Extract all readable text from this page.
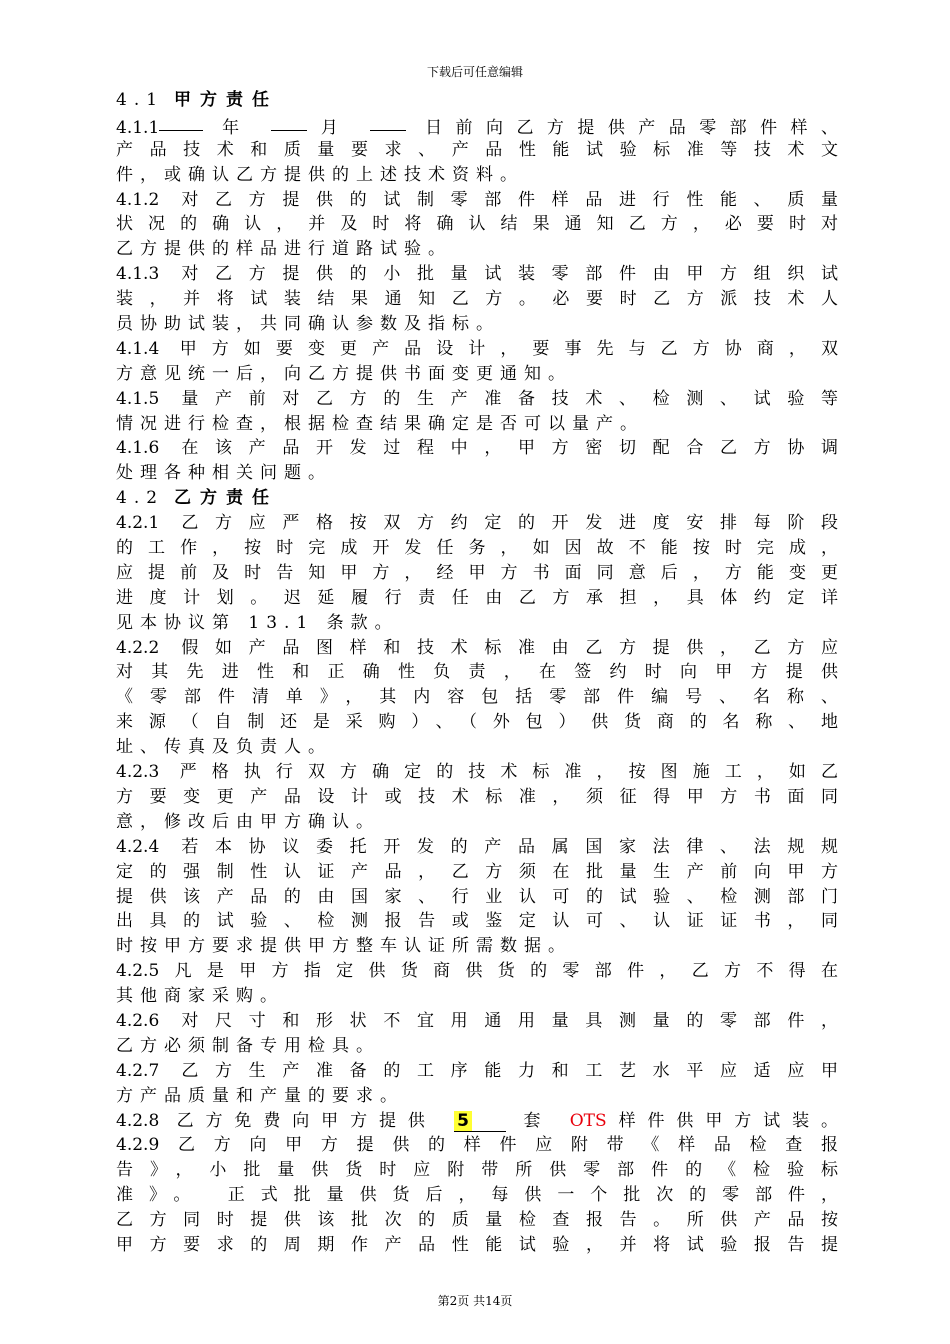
下载后可任意编辑
4.1 甲方责任
4.1.1	年	月	日前向乙方提供产品零部件样、
产品技术和质量要求、产品性能试验标准等技术文
件，或确认乙方提供的上述技术资料。
4.1.2 对乙方提供的试制零部件样品进行性能、质量
状况的确认，并及时将确认结果通知乙方，必要时对
乙方提供的样品进行道路试验。
4.1.3 对乙方提供的小批量试装零部件由甲方组织试
装，并将试装结果通知乙方。必要时乙方派技术人
员协助试装，共同确认参数及指标。
4.1.4 甲方如要变更产品设计，要事先与乙方协商，双
方意见统一后，向乙方提供书面变更通知。
4.1.5 量产前对乙方的生产准备技术、检测、试验等
情况进行检查，根据检查结果确定是否可以量产。
4.1.6 在该产品开发过程中，甲方密切配合乙方协调
处理各种相关问题。
4.2 乙方责任
4.2.1 乙方应严格按双方约定的开发进度安排每阶段
的工作，按时完成开发任务，如因故不能按时完成，
应提前及时告知甲方，经甲方书面同意后，方能变更
进度计划。迟延履行责任由乙方承担，具体约定详
见本协议第 13.1 条款。
4.2.2 假如产品图样和技术标准由乙方提供，乙方应
对其先进性和正确性负责，在签约时向甲方提供
《零部件清单》，其内容包括零部件编号、名称、
来源（自制还是采购）、（外包）供货商的名称、地
址、传真及负责人。
4.2.3 严格执行双方确定的技术标准，按图施工，如乙
方要变更产品设计或技术标准，须征得甲方书面同
意，修改后由甲方确认。
4.2.4 若本协议委托开发的产品属国家法律、法规规
定的强制性认证产品，乙方须在批量生产前向甲方
提供该产品的由国家、行业认可的试验、检测部门
出具的试验、检测报告或鉴定认可、认证证书，同
时按甲方要求提供甲方整车认证所需数据。
4.2.5凡是甲方指定供货商供货的零部件，乙方不得在
其他商家采购。
4.2.6 对尺寸和形状不宜用通用量具测量的零部件，
乙方必须制备专用检具。
4.2.7 乙方生产准备的工序能力和工艺水平应适应甲
方产品质量和产量的要求。
4.2.8 乙方免费向甲方提供 5	套 OTS样件供甲方试装。
4.2.9乙方向甲方提供的样件应附带《样品检查报
告》，小批量供货时应附带所供零部件的《检验标
准》。 正式批量供货后，每供一个批次的零部件，
乙方同时提供该批次的质量检查报告。所供产品按
甲方要求的周期作产品性能试验，并将试验报告提
第2页 共14页
